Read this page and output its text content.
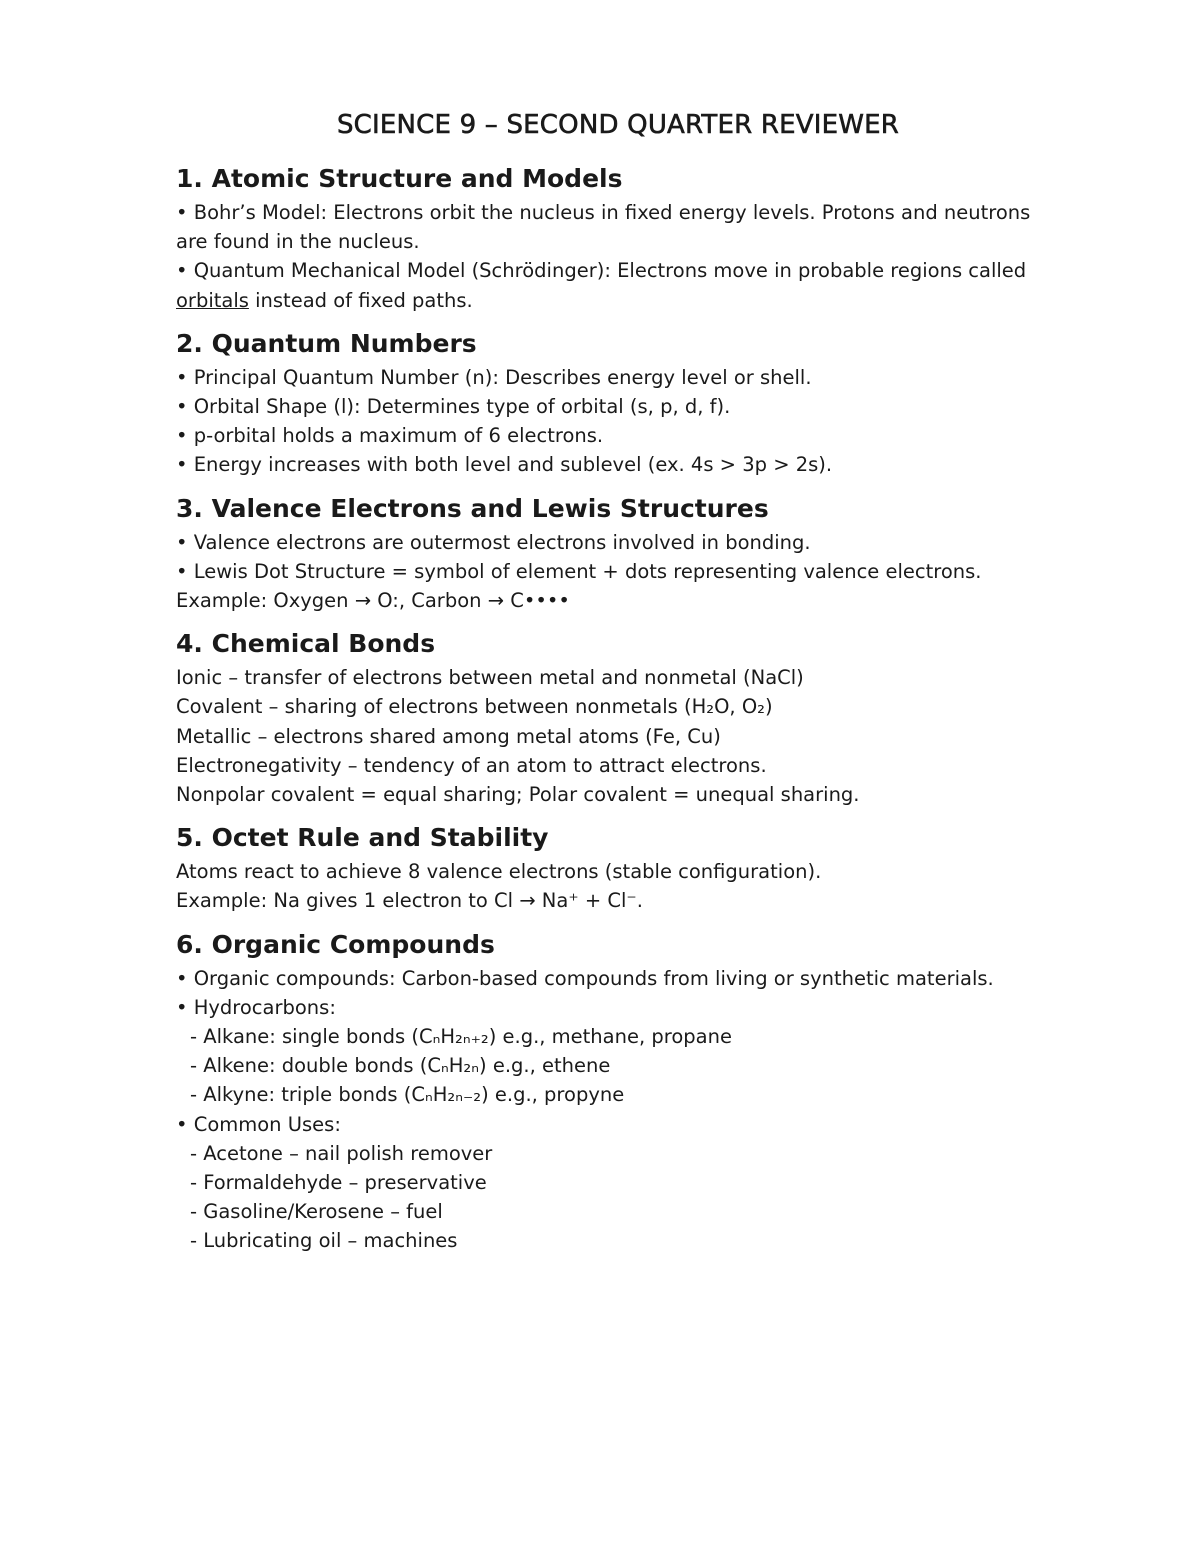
SCIENCE 9 – SECOND QUARTER REVIEWER
1. Atomic Structure and Models
• Bohr’s Model: Electrons orbit the nucleus in fixed energy levels. Protons and neutrons are found in the nucleus.
• Quantum Mechanical Model (Schrödinger): Electrons move in probable regions called orbitals instead of fixed paths.
2. Quantum Numbers
• Principal Quantum Number (n): Describes energy level or shell.
• Orbital Shape (l): Determines type of orbital (s, p, d, f).
• p-orbital holds a maximum of 6 electrons.
• Energy increases with both level and sublevel (ex. 4s > 3p > 2s).
3. Valence Electrons and Lewis Structures
• Valence electrons are outermost electrons involved in bonding.
• Lewis Dot Structure = symbol of element + dots representing valence electrons.
Example: Oxygen → O:, Carbon → C••••
4. Chemical Bonds
Ionic – transfer of electrons between metal and nonmetal (NaCl)
Covalent – sharing of electrons between nonmetals (H₂O, O₂)
Metallic – electrons shared among metal atoms (Fe, Cu)
Electronegativity – tendency of an atom to attract electrons.
Nonpolar covalent = equal sharing; Polar covalent = unequal sharing.
5. Octet Rule and Stability
Atoms react to achieve 8 valence electrons (stable configuration).
Example: Na gives 1 electron to Cl → Na⁺ + Cl⁻.
6. Organic Compounds
• Organic compounds: Carbon-based compounds from living or synthetic materials.
• Hydrocarbons:
- Alkane: single bonds (CₙH₂ₙ₊₂) e.g., methane, propane
- Alkene: double bonds (CₙH₂ₙ) e.g., ethene
- Alkyne: triple bonds (CₙH₂ₙ₋₂) e.g., propyne
• Common Uses:
- Acetone – nail polish remover
- Formaldehyde – preservative
- Gasoline/Kerosene – fuel
- Lubricating oil – machines
